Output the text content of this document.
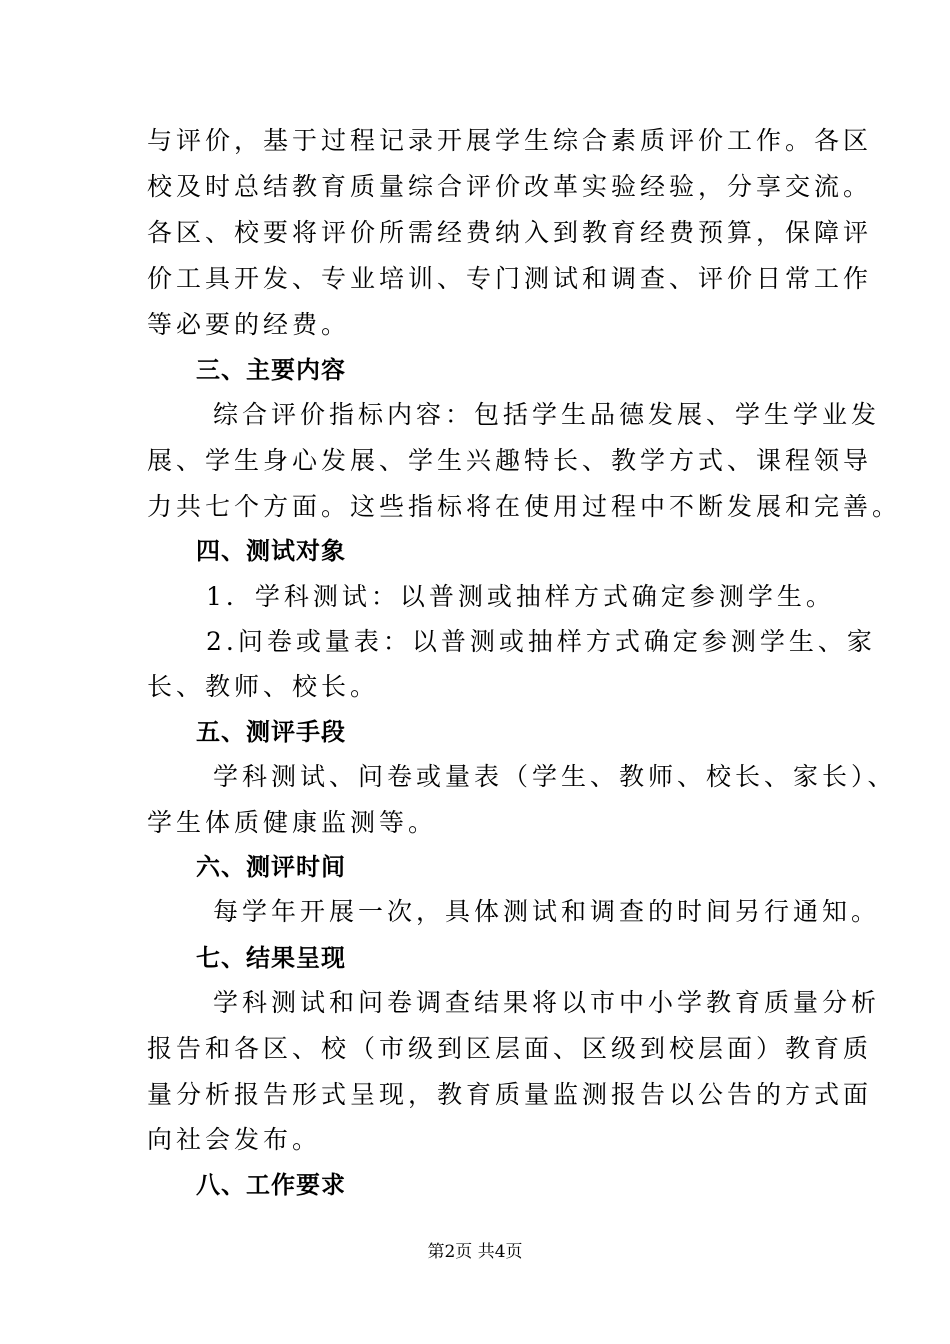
与评价，基于过程记录开展学生综合素质评价工作。各区
校及时总结教育质量综合评价改革实验经验，分享交流。
各区、校要将评价所需经费纳入到教育经费预算，保障评
价工具开发、专业培训、专门测试和调查、评价日常工作
等必要的经费。
三、主要内容
综合评价指标内容：包括学生品德发展、学生学业发
展、学生身心发展、学生兴趣特长、教学方式、课程领导
力共七个方面。这些指标将在使用过程中不断发展和完善。
四、测试对象
1．学科测试：以普测或抽样方式确定参测学生。
2.问卷或量表：以普测或抽样方式确定参测学生、家
长、教师、校长。
五、测评手段
学科测试、问卷或量表（学生、教师、校长、家长）、
学生体质健康监测等。
六、测评时间
每学年开展一次，具体测试和调查的时间另行通知。
七、结果呈现
学科测试和问卷调查结果将以市中小学教育质量分析
报告和各区、校（市级到区层面、区级到校层面）教育质
量分析报告形式呈现，教育质量监测报告以公告的方式面
向社会发布。
八、工作要求
第2页 共4页
